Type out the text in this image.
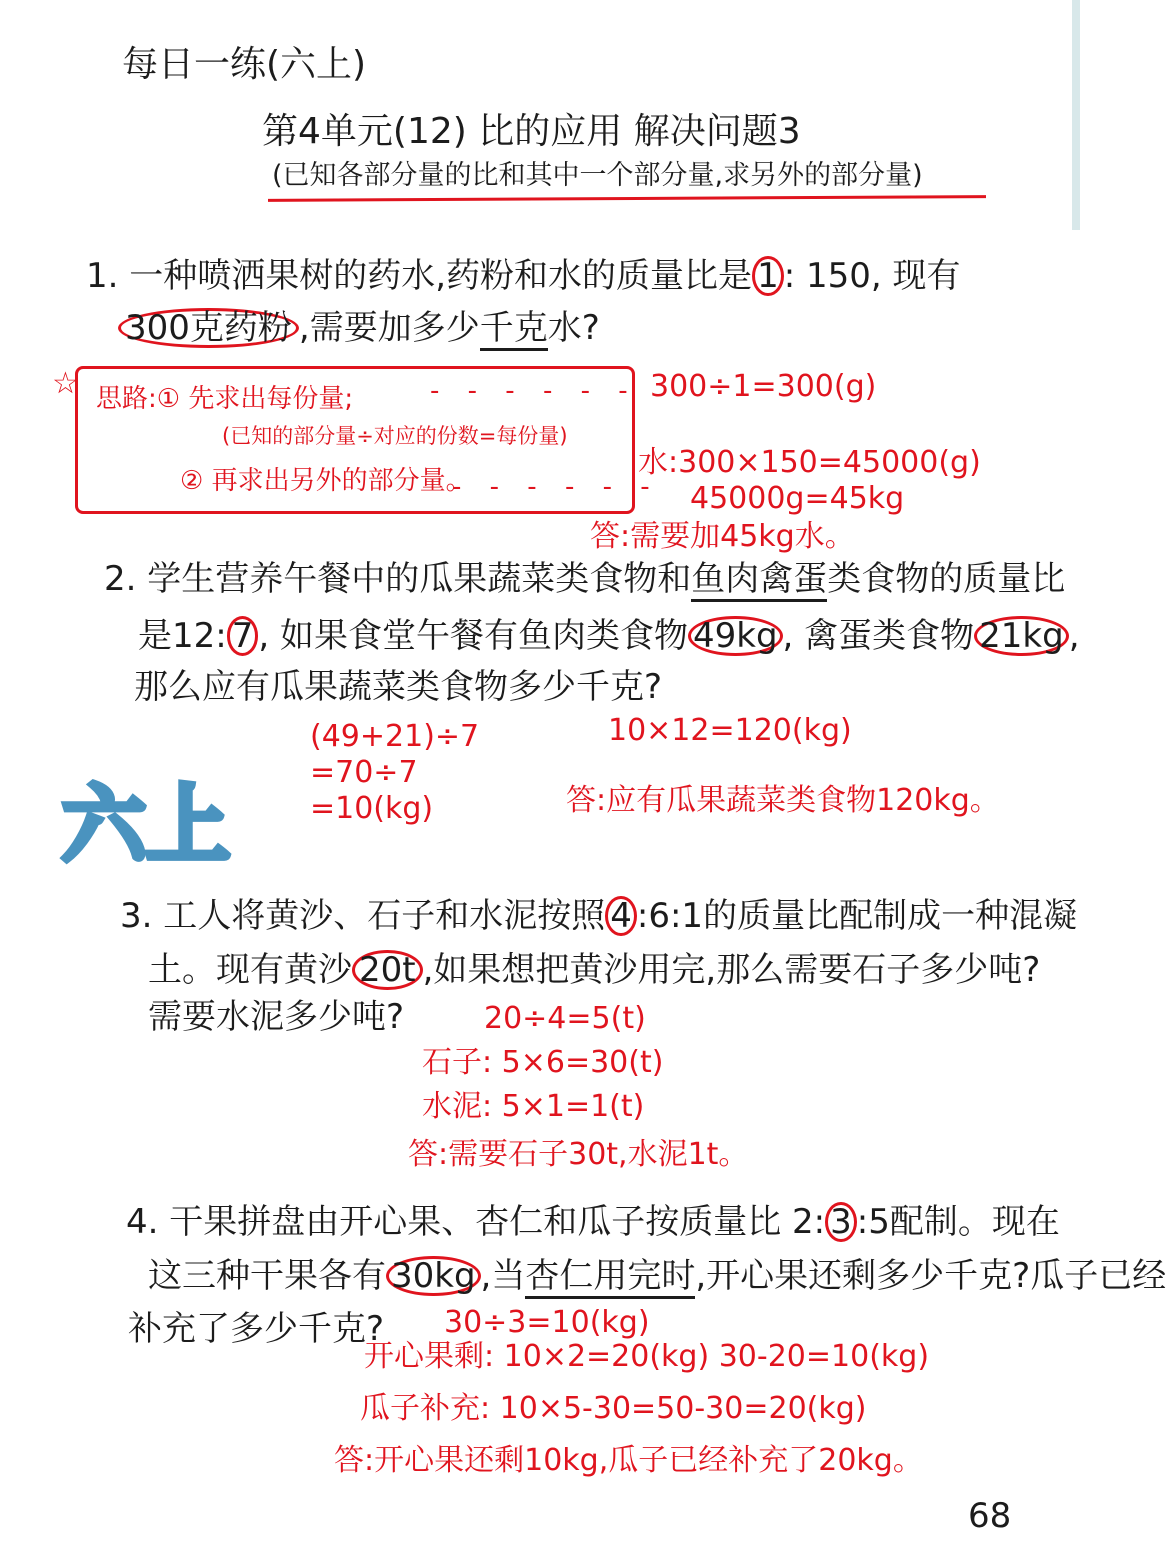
每日一练(六上)
第4单元(12) 比的应用 解决问题3
(已知各部分量的比和其中一个部分量,求另外的部分量)
1. 一种喷洒果树的药水,药粉和水的质量比是 1 : 150, 现有
300克药粉 ,需要加多少千克水?
☆ 思路:① 先求出每份量;
(已知的部分量÷对应的份数=每份量)
② 再求出另外的部分量。
- - - - - -
- - - - - -
300÷1=300(g)
水:300×150=45000(g)
45000g=45kg
答:需要加45kg水。
2. 学生营养午餐中的瓜果蔬菜类食物和鱼肉禽蛋类食物的质量比
是12: 7 , 如果食堂午餐有鱼肉类食物 49kg , 禽蛋类食物 21kg ,
那么应有瓜果蔬菜类食物多少千克?
(49+21)÷7
=70÷7
=10(kg)
10×12=120(kg)
答:应有瓜果蔬菜类食物120kg。
六上
3. 工人将黄沙、石子和水泥按照 4 :6:1的质量比配制成一种混凝
土。现有黄沙 20t ,如果想把黄沙用完,那么需要石子多少吨?
需要水泥多少吨?	20÷4=5(t)
石子: 5×6=30(t)
水泥: 5×1=1(t)
答:需要石子30t,水泥1t。
4. 干果拼盘由开心果、杏仁和瓜子按质量比 2: 3 :5配制。现在
这三种干果各有 30kg ,当杏仁用完时,开心果还剩多少千克?瓜子已经
补充了多少千克? 30÷3=10(kg)
开心果剩: 10×2=20(kg) 30-20=10(kg)
瓜子补充: 10×5-30=50-30=20(kg)
答:开心果还剩10kg,瓜子已经补充了20kg。
68
